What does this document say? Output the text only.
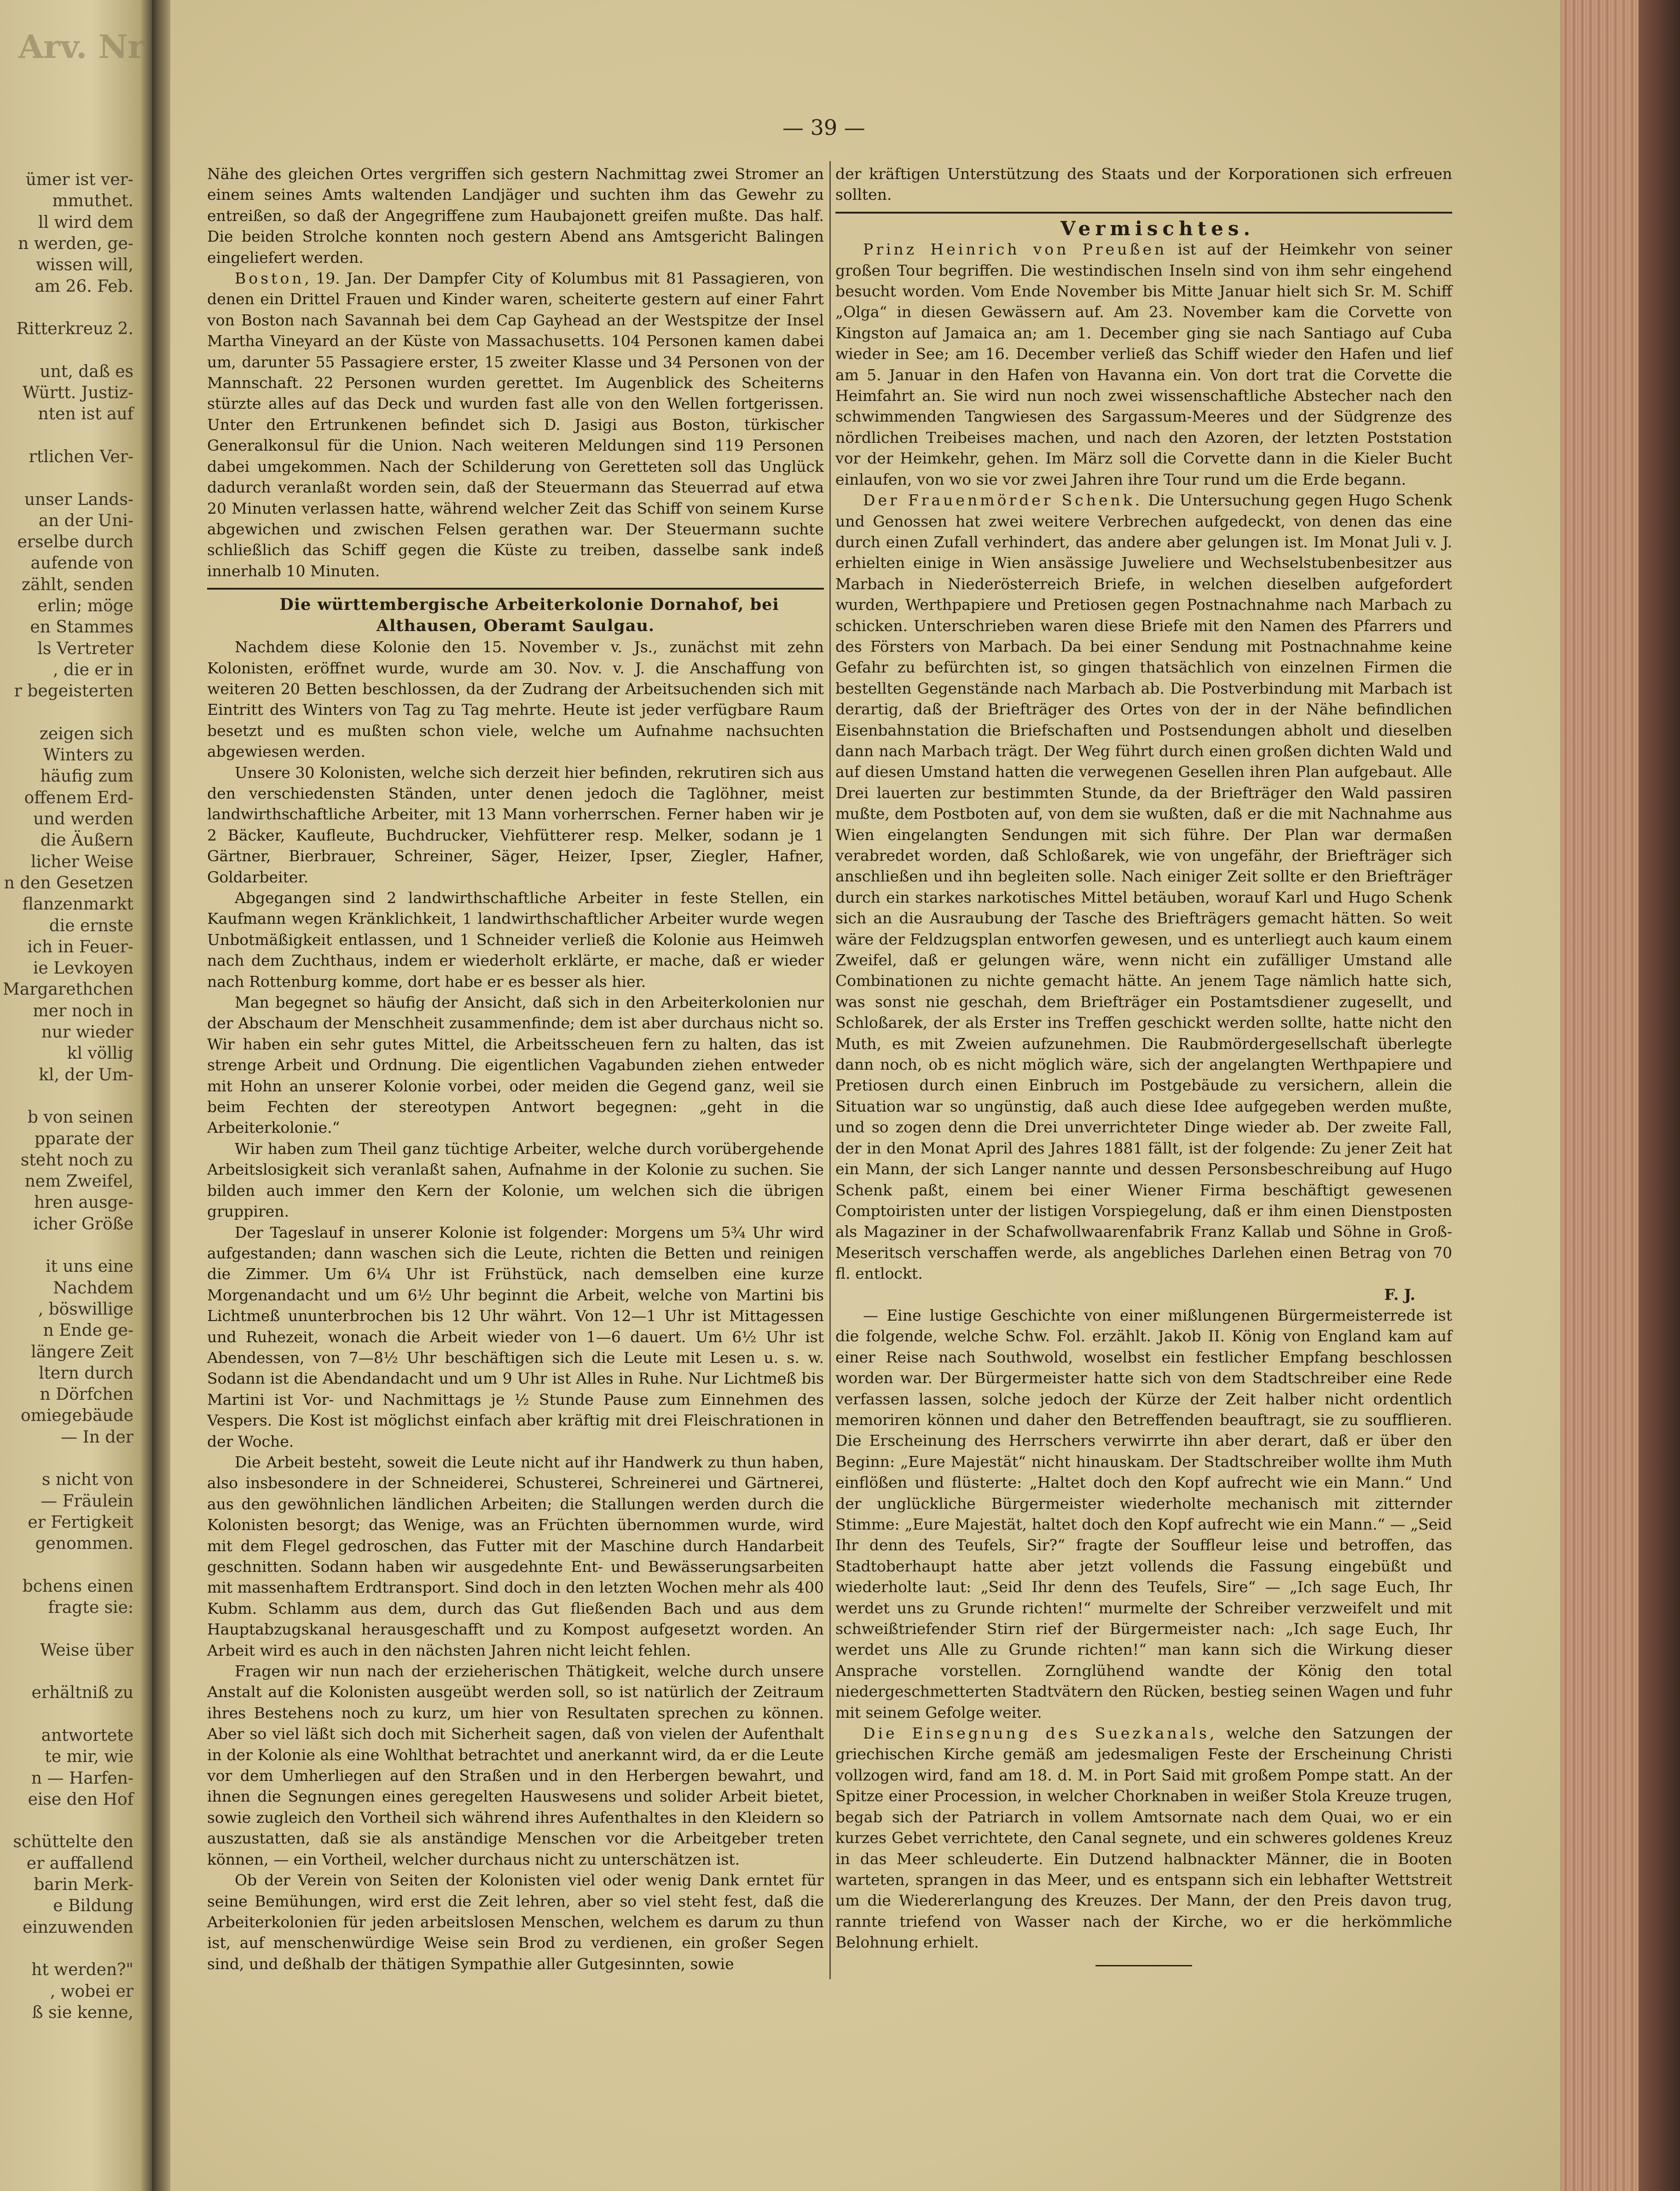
Arv. Nr
ümer ist ver-
mmuthet.
ll wird dem
n werden, ge-
wissen will,
am 26. Feb.
Ritterkreuz 2.
unt, daß es
Württ. Justiz-
nten ist auf
rtlichen Ver-
unser Lands-
an der Uni-
erselbe durch
aufende von
zählt, senden
erlin; möge
en Stammes
ls Vertreter
, die er in
r begeisterten
zeigen sich
Winters zu
häufig zum
offenem Erd-
und werden
die Äußern
licher Weise
n den Gesetzen
flanzenmarkt
die ernste
ich in Feuer-
ie Levkoyen
Margarethchen
mer noch in
nur wieder
kl völlig
kl, der Um-
b von seinen
pparate der
steht noch zu
nem Zweifel,
hren ausge-
icher Größe
it uns eine
Nachdem
, böswillige
n Ende ge-
längere Zeit
ltern durch
n Dörfchen
omiegebäude
— In der
s nicht von
— Fräulein
er Fertigkeit
genommen.
bchens einen
fragte sie:
Weise über
erhältniß zu
antwortete
te mir, wie
n — Harfen-
eise den Hof
schüttelte den
er auffallend
barin Merk-
e Bildung
einzuwenden
ht werden?"
, wobei er
ß sie kenne,
— 39 —

Nähe des gleichen Ortes vergriffen sich gestern Nachmittag zwei Stromer an einem seines Amts waltenden Landjäger und suchten ihm das Gewehr zu entreißen, so daß der Angegriffene zum Haubajonett greifen mußte. Das half. Die beiden Strolche konnten noch gestern Abend ans Amtsgericht Balingen eingeliefert werden.

Boston, 19. Jan. Der Dampfer City of Kolumbus mit 81 Passagieren, von denen ein Drittel Frauen und Kinder waren, scheiterte gestern auf einer Fahrt von Boston nach Savannah bei dem Cap Gayhead an der Westspitze der Insel Martha Vineyard an der Küste von Massachusetts. 104 Personen kamen dabei um, darunter 55 Passagiere erster, 15 zweiter Klasse und 34 Personen von der Mannschaft. 22 Personen wurden gerettet. Im Augenblick des Scheiterns stürzte alles auf das Deck und wurden fast alle von den Wellen fortgerissen. Unter den Ertrunkenen befindet sich D. Jasigi aus Boston, türkischer Generalkonsul für die Union. Nach weiteren Meldungen sind 119 Personen dabei umgekommen. Nach der Schilderung von Geretteten soll das Unglück dadurch veranlaßt worden sein, daß der Steuermann das Steuerrad auf etwa 20 Minuten verlassen hatte, während welcher Zeit das Schiff von seinem Kurse abgewichen und zwischen Felsen gerathen war. Der Steuermann suchte schließlich das Schiff gegen die Küste zu treiben, dasselbe sank indeß innerhalb 10 Minuten.

Die württembergische Arbeiterkolonie Dornahof, bei Althausen, Oberamt Saulgau.

Nachdem diese Kolonie den 15. November v. Js., zunächst mit zehn Kolonisten, eröffnet wurde, wurde am 30. Nov. v. J. die Anschaffung von weiteren 20 Betten beschlossen, da der Zudrang der Arbeitsuchenden sich mit Eintritt des Winters von Tag zu Tag mehrte. Heute ist jeder verfügbare Raum besetzt und es mußten schon viele, welche um Aufnahme nachsuchten abgewiesen werden.

Unsere 30 Kolonisten, welche sich derzeit hier befinden, rekrutiren sich aus den verschiedensten Ständen, unter denen jedoch die Taglöhner, meist landwirthschaftliche Arbeiter, mit 13 Mann vorherrschen. Ferner haben wir je 2 Bäcker, Kaufleute, Buchdrucker, Viehfütterer resp. Melker, sodann je 1 Gärtner, Bierbrauer, Schreiner, Säger, Heizer, Ipser, Ziegler, Hafner, Goldarbeiter.

Abgegangen sind 2 landwirthschaftliche Arbeiter in feste Stellen, ein Kaufmann wegen Kränklichkeit, 1 landwirthschaftlicher Arbeiter wurde wegen Unbotmäßigkeit entlassen, und 1 Schneider verließ die Kolonie aus Heimweh nach dem Zuchthaus, indem er wiederholt erklärte, er mache, daß er wieder nach Rottenburg komme, dort habe er es besser als hier.

Man begegnet so häufig der Ansicht, daß sich in den Arbeiterkolonien nur der Abschaum der Menschheit zusammenfinde; dem ist aber durchaus nicht so. Wir haben ein sehr gutes Mittel, die Arbeitsscheuen fern zu halten, das ist strenge Arbeit und Ordnung. Die eigentlichen Vagabunden ziehen entweder mit Hohn an unserer Kolonie vorbei, oder meiden die Gegend ganz, weil sie beim Fechten der stereotypen Antwort begegnen: „geht in die Arbeiterkolonie.“

Wir haben zum Theil ganz tüchtige Arbeiter, welche durch vorübergehende Arbeitslosigkeit sich veranlaßt sahen, Aufnahme in der Kolonie zu suchen. Sie bilden auch immer den Kern der Kolonie, um welchen sich die übrigen gruppiren.

Der Tageslauf in unserer Kolonie ist folgender: Morgens um 5¾ Uhr wird aufgestanden; dann waschen sich die Leute, richten die Betten und reinigen die Zimmer. Um 6¼ Uhr ist Frühstück, nach demselben eine kurze Morgenandacht und um 6½ Uhr beginnt die Arbeit, welche von Martini bis Lichtmeß ununterbrochen bis 12 Uhr währt. Von 12—1 Uhr ist Mittagessen und Ruhezeit, wonach die Arbeit wieder von 1—6 dauert. Um 6½ Uhr ist Abendessen, von 7—8½ Uhr beschäftigen sich die Leute mit Lesen u. s. w. Sodann ist die Abendandacht und um 9 Uhr ist Alles in Ruhe. Nur Lichtmeß bis Martini ist Vor- und Nachmittags je ½ Stunde Pause zum Einnehmen des Vespers. Die Kost ist möglichst einfach aber kräftig mit drei Fleischrationen in der Woche.

Die Arbeit besteht, soweit die Leute nicht auf ihr Handwerk zu thun haben, also insbesondere in der Schneiderei, Schusterei, Schreinerei und Gärtnerei, aus den gewöhnlichen ländlichen Arbeiten; die Stallungen werden durch die Kolonisten besorgt; das Wenige, was an Früchten übernommen wurde, wird mit dem Flegel gedroschen, das Futter mit der Maschine durch Handarbeit geschnitten. Sodann haben wir ausgedehnte Ent- und Bewässerungsarbeiten mit massenhaftem Erdtransport. Sind doch in den letzten Wochen mehr als 400 Kubm. Schlamm aus dem, durch das Gut fließenden Bach und aus dem Hauptabzugskanal herausgeschafft und zu Kompost aufgesetzt worden. An Arbeit wird es auch in den nächsten Jahren nicht leicht fehlen.

Fragen wir nun nach der erzieherischen Thätigkeit, welche durch unsere Anstalt auf die Kolonisten ausgeübt werden soll, so ist natürlich der Zeitraum ihres Bestehens noch zu kurz, um hier von Resultaten sprechen zu können. Aber so viel läßt sich doch mit Sicherheit sagen, daß von vielen der Aufenthalt in der Kolonie als eine Wohlthat betrachtet und anerkannt wird, da er die Leute vor dem Umherliegen auf den Straßen und in den Herbergen bewahrt, und ihnen die Segnungen eines geregelten Hauswesens und solider Arbeit bietet, sowie zugleich den Vortheil sich während ihres Aufenthaltes in den Kleidern so auszustatten, daß sie als anständige Menschen vor die Arbeitgeber treten können, — ein Vortheil, welcher durchaus nicht zu unterschätzen ist.

Ob der Verein von Seiten der Kolonisten viel oder wenig Dank erntet für seine Bemühungen, wird erst die Zeit lehren, aber so viel steht fest, daß die Arbeiterkolonien für jeden arbeitslosen Menschen, welchem es darum zu thun ist, auf menschenwürdige Weise sein Brod zu verdienen, ein großer Segen sind, und deßhalb der thätigen Sympathie aller Gutgesinnten, sowie

der kräftigen Unterstützung des Staats und der Korporationen sich erfreuen sollten.

Vermischtes.

Prinz Heinrich von Preußen ist auf der Heimkehr von seiner großen Tour begriffen. Die westindischen Inseln sind von ihm sehr eingehend besucht worden. Vom Ende November bis Mitte Januar hielt sich Sr. M. Schiff „Olga“ in diesen Gewässern auf. Am 23. November kam die Corvette von Kingston auf Jamaica an; am 1. December ging sie nach Santiago auf Cuba wieder in See; am 16. December verließ das Schiff wieder den Hafen und lief am 5. Januar in den Hafen von Havanna ein. Von dort trat die Corvette die Heimfahrt an. Sie wird nun noch zwei wissenschaftliche Abstecher nach den schwimmenden Tangwiesen des Sargassum-Meeres und der Südgrenze des nördlichen Treibeises machen, und nach den Azoren, der letzten Poststation vor der Heimkehr, gehen. Im März soll die Corvette dann in die Kieler Bucht einlaufen, von wo sie vor zwei Jahren ihre Tour rund um die Erde begann.

Der Frauenmörder Schenk. Die Untersuchung gegen Hugo Schenk und Genossen hat zwei weitere Verbrechen aufgedeckt, von denen das eine durch einen Zufall verhindert, das andere aber gelungen ist. Im Monat Juli v. J. erhielten einige in Wien ansässige Juweliere und Wechselstubenbesitzer aus Marbach in Niederösterreich Briefe, in welchen dieselben aufgefordert wurden, Werthpapiere und Pretiosen gegen Postnachnahme nach Marbach zu schicken. Unterschrieben waren diese Briefe mit den Namen des Pfarrers und des Försters von Marbach. Da bei einer Sendung mit Postnachnahme keine Gefahr zu befürchten ist, so gingen thatsächlich von einzelnen Firmen die bestellten Gegenstände nach Marbach ab. Die Postverbindung mit Marbach ist derartig, daß der Briefträger des Ortes von der in der Nähe befindlichen Eisenbahnstation die Briefschaften und Postsendungen abholt und dieselben dann nach Marbach trägt. Der Weg führt durch einen großen dichten Wald und auf diesen Umstand hatten die verwegenen Gesellen ihren Plan aufgebaut. Alle Drei lauerten zur bestimmten Stunde, da der Briefträger den Wald passiren mußte, dem Postboten auf, von dem sie wußten, daß er die mit Nachnahme aus Wien eingelangten Sendungen mit sich führe. Der Plan war dermaßen verabredet worden, daß Schloßarek, wie von ungefähr, der Briefträger sich anschließen und ihn begleiten solle. Nach einiger Zeit sollte er den Briefträger durch ein starkes narkotisches Mittel betäuben, worauf Karl und Hugo Schenk sich an die Ausraubung der Tasche des Briefträgers gemacht hätten. So weit wäre der Feldzugsplan entworfen gewesen, und es unterliegt auch kaum einem Zweifel, daß er gelungen wäre, wenn nicht ein zufälliger Umstand alle Combinationen zu nichte gemacht hätte. An jenem Tage nämlich hatte sich, was sonst nie geschah, dem Briefträger ein Postamtsdiener zugesellt, und Schloßarek, der als Erster ins Treffen geschickt werden sollte, hatte nicht den Muth, es mit Zweien aufzunehmen. Die Raubmördergesellschaft überlegte dann noch, ob es nicht möglich wäre, sich der angelangten Werthpapiere und Pretiosen durch einen Einbruch im Postgebäude zu versichern, allein die Situation war so ungünstig, daß auch diese Idee aufgegeben werden mußte, und so zogen denn die Drei unverrichteter Dinge wieder ab. Der zweite Fall, der in den Monat April des Jahres 1881 fällt, ist der folgende: Zu jener Zeit hat ein Mann, der sich Langer nannte und dessen Personsbeschreibung auf Hugo Schenk paßt, einem bei einer Wiener Firma beschäftigt gewesenen Comptoiristen unter der listigen Vorspiegelung, daß er ihm einen Dienstposten als Magaziner in der Schafwollwaarenfabrik Franz Kallab und Söhne in Groß-Meseritsch verschaffen werde, als angebliches Darlehen einen Betrag von 70 fl. entlockt.

F. J.

— Eine lustige Geschichte von einer mißlungenen Bürgermeisterrede ist die folgende, welche Schw. Fol. erzählt. Jakob II. König von England kam auf einer Reise nach Southwold, woselbst ein festlicher Empfang beschlossen worden war. Der Bürgermeister hatte sich von dem Stadtschreiber eine Rede verfassen lassen, solche jedoch der Kürze der Zeit halber nicht ordentlich memoriren können und daher den Betreffenden beauftragt, sie zu soufflieren. Die Erscheinung des Herrschers verwirrte ihn aber derart, daß er über den Beginn: „Eure Majestät“ nicht hinauskam. Der Stadtschreiber wollte ihm Muth einflößen und flüsterte: „Haltet doch den Kopf aufrecht wie ein Mann.“ Und der unglückliche Bürgermeister wiederholte mechanisch mit zitternder Stimme: „Eure Majestät, haltet doch den Kopf aufrecht wie ein Mann.“ — „Seid Ihr denn des Teufels, Sir?“ fragte der Souffleur leise und betroffen, das Stadtoberhaupt hatte aber jetzt vollends die Fassung eingebüßt und wiederholte laut: „Seid Ihr denn des Teufels, Sire“ — „Ich sage Euch, Ihr werdet uns zu Grunde richten!“ murmelte der Schreiber verzweifelt und mit schweißtriefender Stirn rief der Bürgermeister nach: „Ich sage Euch, Ihr werdet uns Alle zu Grunde richten!“ man kann sich die Wirkung dieser Ansprache vorstellen. Zornglühend wandte der König den total niedergeschmetterten Stadtvätern den Rücken, bestieg seinen Wagen und fuhr mit seinem Gefolge weiter.

Die Einsegnung des Suezkanals, welche den Satzungen der griechischen Kirche gemäß am jedesmaligen Feste der Erscheinung Christi vollzogen wird, fand am 18. d. M. in Port Said mit großem Pompe statt. An der Spitze einer Procession, in welcher Chorknaben in weißer Stola Kreuze trugen, begab sich der Patriarch in vollem Amtsornate nach dem Quai, wo er ein kurzes Gebet verrichtete, den Canal segnete, und ein schweres goldenes Kreuz in das Meer schleuderte. Ein Dutzend halbnackter Männer, die in Booten warteten, sprangen in das Meer, und es entspann sich ein lebhafter Wettstreit um die Wiedererlangung des Kreuzes. Der Mann, der den Preis davon trug, rannte triefend von Wasser nach der Kirche, wo er die herkömmliche Belohnung erhielt.
